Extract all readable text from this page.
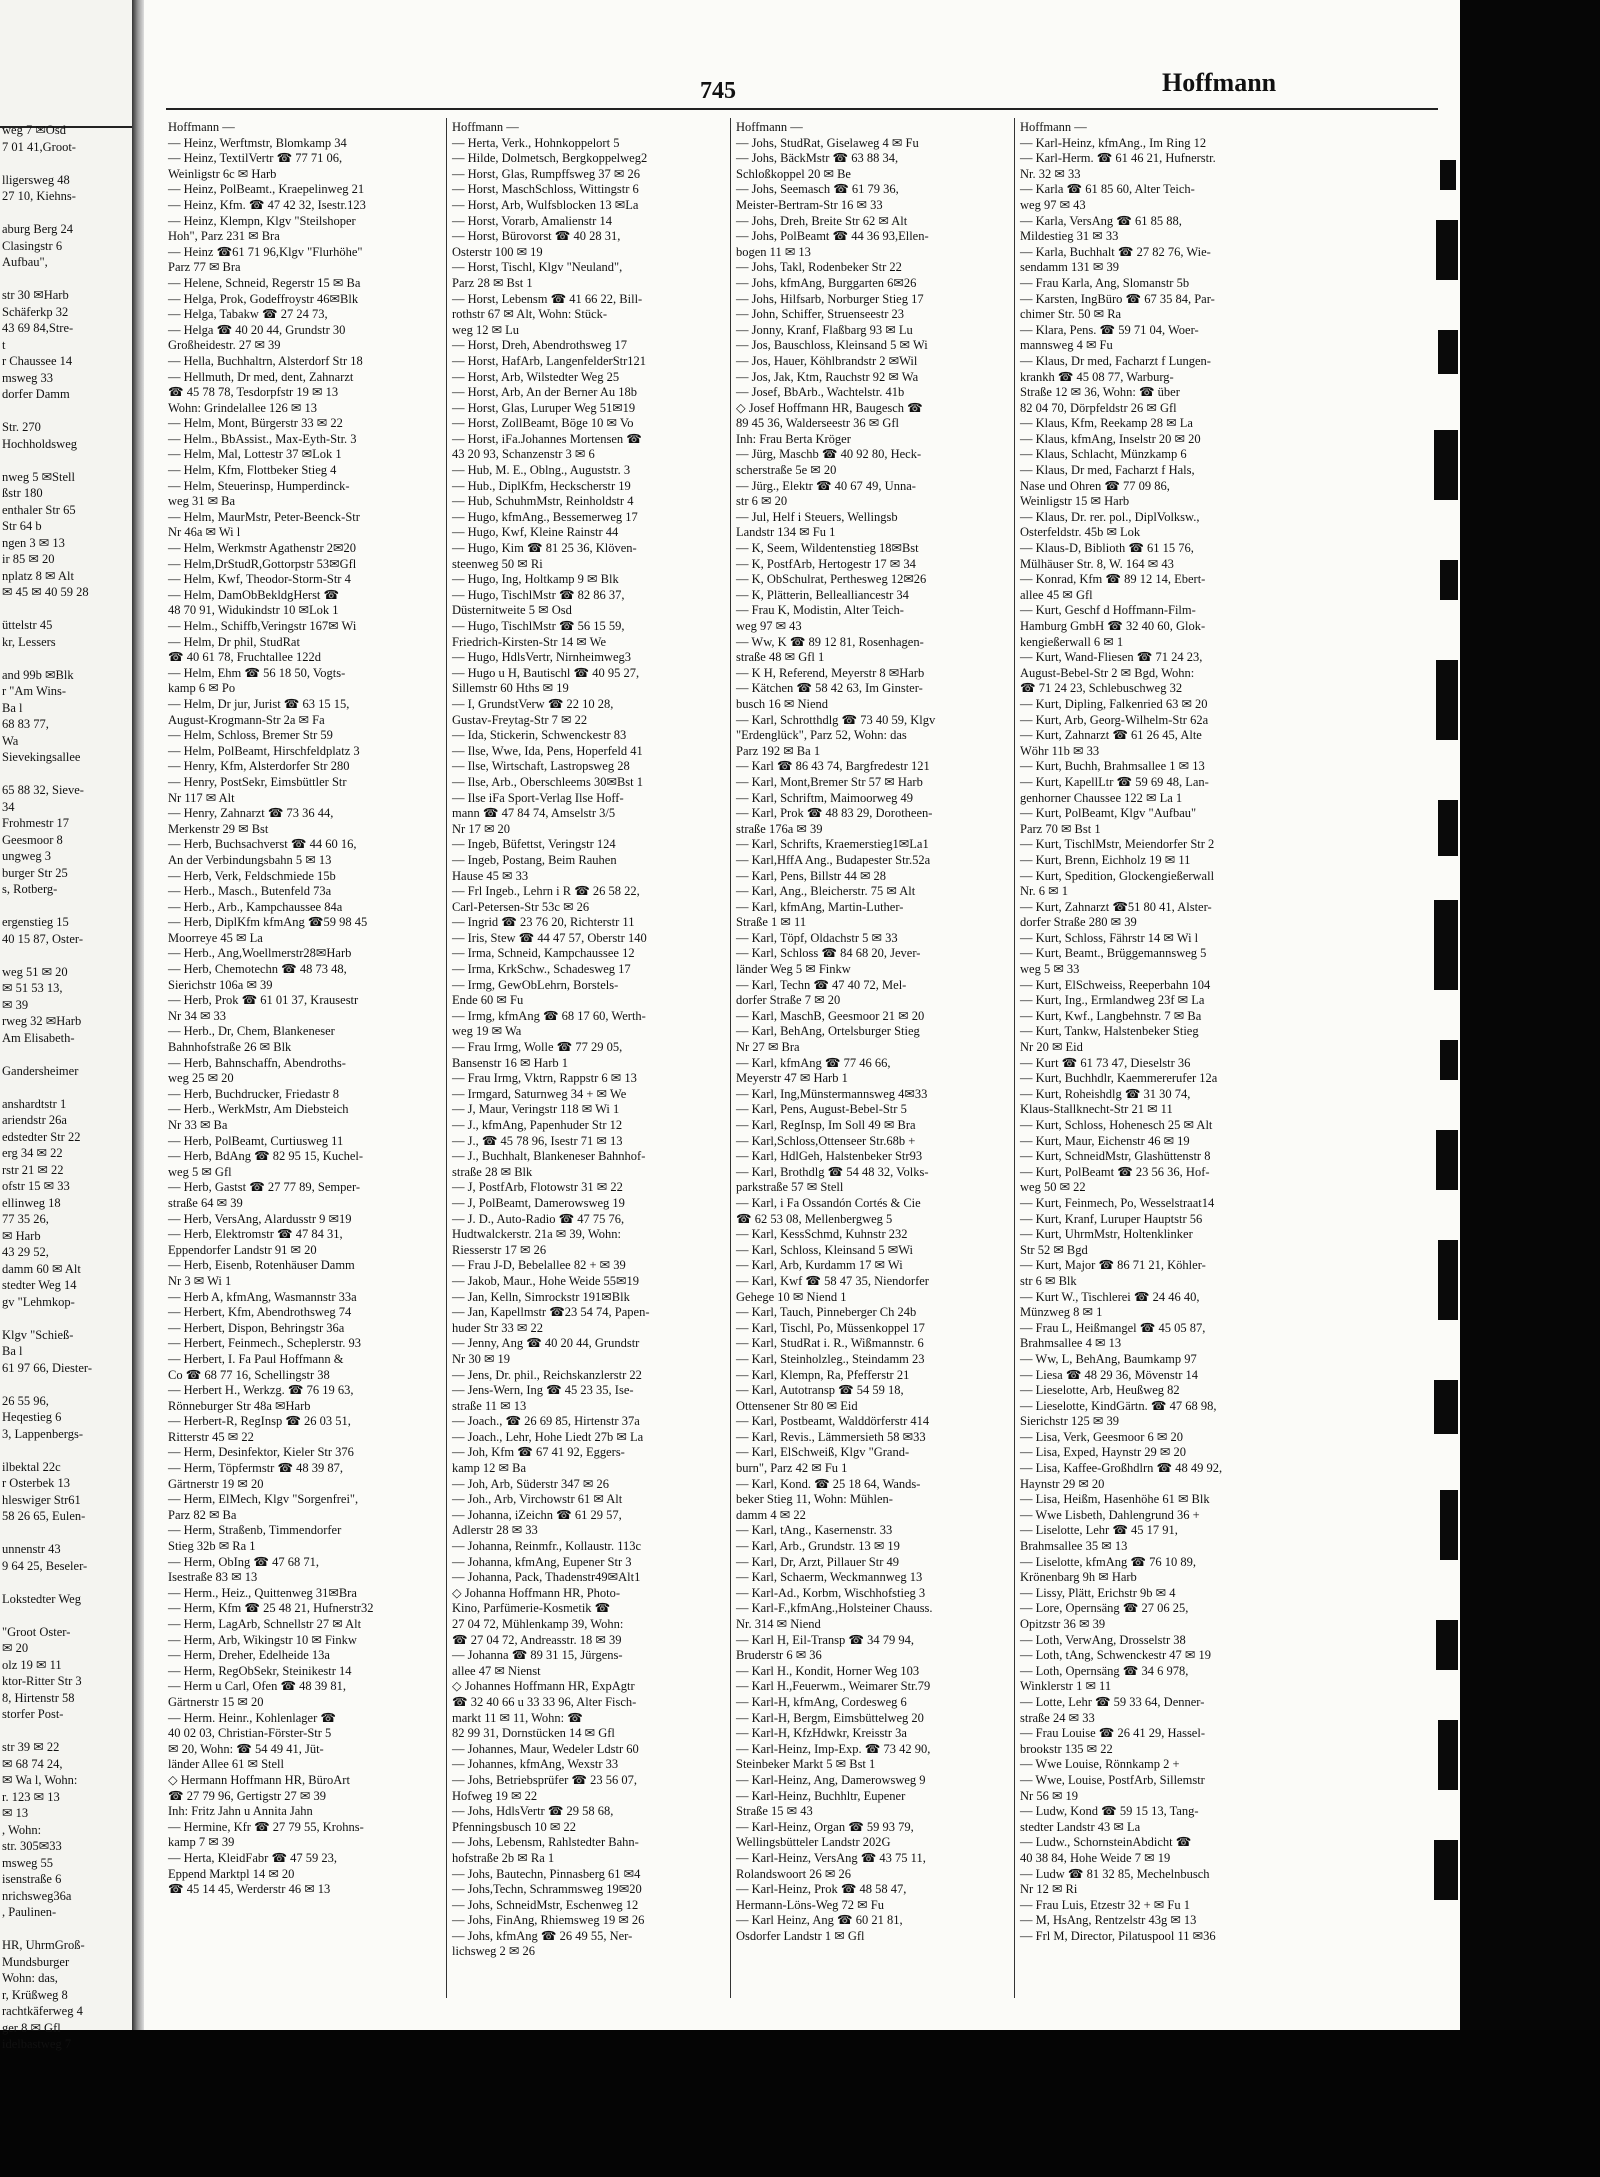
745	Hoffmann
weg 7 ✉Osd
7 01 41,Groot-

lligersweg 48
27 10, Kiehns-

aburg Berg 24
Clasingstr 6
Aufbau",

str 30 ✉Harb
Schäferkp 32
43 69 84,Stre-
t
r Chaussee 14
msweg 33
dorfer Damm

Str. 270
Hochholdsweg

nweg 5 ✉Stell
ßstr 180
enthaler Str 65
Str 64 b
ngen 3 ✉ 13
ir 85 ✉ 20
nplatz 8 ✉ Alt
✉ 45 ✉ 40 59 28

üttelstr 45
kr, Lessers

and 99b ✉Blk
r "Am Wins-
Ba l
68 83 77,
Wa
Sievekingsallee

65 88 32, Sieve-
34
Frohmestr 17
Geesmoor 8
ungweg 3
burger Str 25
s, Rotberg-

ergenstieg 15
40 15 87, Oster-

weg 51 ✉ 20
✉ 51 53 13,
✉ 39
rweg 32 ✉Harb
Am Elisabeth-

Gandersheimer

anshardtstr 1
ariendstr 26a
edstedter Str 22
erg 34 ✉ 22
rstr 21 ✉ 22
ofstr 15 ✉ 33
ellinweg 18
77 35 26,
✉ Harb
43 29 52,
damm 60 ✉ Alt
stedter Weg 14
gv "Lehmkop-

Klgv "Schieß-
Ba l
61 97 66, Diester-

26 55 96,
Heqestieg 6
3, Lappenbergs-

ilbektal 22c
r Osterbek 13
hleswiger Str61
58 26 65, Eulen-

unnenstr 43
9 64 25, Beseler-

Lokstedter Weg

"Groot Oster-
✉ 20
olz 19 ✉ 11
ktor-Ritter Str 3
8, Hirtenstr 58
storfer Post-

str 39 ✉ 22
✉ 68 74 24,
✉ Wa l, Wohn:
r. 123 ✉ 13
✉ 13
, Wohn:
str. 305✉33
msweg 55
isenstraße 6
nrichsweg36a
, Paulinen-

HR, UhrmGroß-
Mundsburger
Wohn: das,
r, Krüßweg 8
rachtkäferweg 4
ger 8 ✉ Gfl
idelbastweg 7
Hoffmann —
— Heinz, Werftmstr, Blomkamp 34
— Heinz, TextilVertr ☎ 77 71 06,
Weinligstr 6c ✉ Harb
— Heinz, PolBeamt., Kraepelinweg 21
— Heinz, Kfm. ☎ 47 42 32, Isestr.123
— Heinz, Klempn, Klgv "Steilshoper
Hoh", Parz 231 ✉ Bra
— Heinz ☎61 71 96,Klgv "Flurhöhe"
Parz 77 ✉ Bra
— Helene, Schneid, Regerstr 15 ✉ Ba
— Helga, Prok, Godeffroystr 46✉Blk
— Helga, Tabakw ☎ 27 24 73,
— Helga ☎ 40 20 44, Grundstr 30
Großheidestr. 27 ✉ 39
— Hella, Buchhaltrn, Alsterdorf Str 18
— Hellmuth, Dr med, dent, Zahnarzt
☎ 45 78 78, Tesdorpfstr 19 ✉ 13
Wohn: Grindelallee 126 ✉ 13
— Helm, Mont, Bürgerstr 33 ✉ 22
— Helm., BbAssist., Max-Eyth-Str. 3
— Helm, Mal, Lottestr 37 ✉Lok 1
— Helm, Kfm, Flottbeker Stieg 4
— Helm, Steuerinsp, Humperdinck-
weg 31 ✉ Ba
— Helm, MaurMstr, Peter-Beenck-Str
Nr 46a ✉ Wi l
— Helm, Werkmstr Agathenstr 2✉20
— Helm,DrStudR,Gottorpstr 53✉Gfl
— Helm, Kwf, Theodor-Storm-Str 4
— Helm, DamObBekldgHerst ☎
48 70 91, Widukindstr 10 ✉Lok 1
— Helm., Schiffb,Veringstr 167✉ Wi
— Helm, Dr phil, StudRat
☎ 40 61 78, Fruchtallee 122d
— Helm, Ehm ☎ 56 18 50, Vogts-
kamp 6 ✉ Po
— Helm, Dr jur, Jurist ☎ 63 15 15,
August-Krogmann-Str 2a ✉ Fa
— Helm, Schloss, Bremer Str 59
— Helm, PolBeamt, Hirschfeldplatz 3
— Henry, Kfm, Alsterdorfer Str 280
— Henry, PostSekr, Eimsbüttler Str
Nr 117 ✉ Alt
— Henry, Zahnarzt ☎ 73 36 44,
Merkenstr 29 ✉ Bst
— Herb, Buchsachverst ☎ 44 60 16,
An der Verbindungsbahn 5 ✉ 13
— Herb, Verk, Feldschmiede 15b
— Herb., Masch., Butenfeld 73a
— Herb., Arb., Kampchaussee 84a
— Herb, DiplKfm kfmAng ☎59 98 45
Moorreye 45 ✉ La
— Herb., Ang,Woellmerstr28✉Harb
— Herb, Chemotechn ☎ 48 73 48,
Sierichstr 106a ✉ 39
— Herb, Prok ☎ 61 01 37, Krausestr
Nr 34 ✉ 33
— Herb., Dr, Chem, Blankeneser
Bahnhofstraße 26 ✉ Blk
— Herb, Bahnschaffn, Abendroths-
weg 25 ✉ 20
— Herb, Buchdrucker, Friedastr 8
— Herb., WerkMstr, Am Diebsteich
Nr 33 ✉ Ba
— Herb, PolBeamt, Curtiusweg 11
— Herb, BdAng ☎ 82 95 15, Kuchel-
weg 5 ✉ Gfl
— Herb, Gastst ☎ 27 77 89, Semper-
straße 64 ✉ 39
— Herb, VersAng, Alardusstr 9 ✉19
— Herb, Elektromstr ☎ 47 84 31,
Eppendorfer Landstr 91 ✉ 20
— Herb, Eisenb, Rotenhäuser Damm
Nr 3 ✉ Wi 1
— Herb A, kfmAng, Wasmannstr 33a
— Herbert, Kfm, Abendrothsweg 74
— Herbert, Dispon, Behringstr 36a
— Herbert, Feinmech., Scheplerstr. 93
— Herbert, I. Fa Paul Hoffmann &
Co ☎ 68 77 16, Schellingstr 38
— Herbert H., Werkzg. ☎ 76 19 63,
Rönneburger Str 48a ✉Harb
— Herbert-R, RegInsp ☎ 26 03 51,
Ritterstr 45 ✉ 22
— Herm, Desinfektor, Kieler Str 376
— Herm, Töpfermstr ☎ 48 39 87,
Gärtnerstr 19 ✉ 20
— Herm, ElMech, Klgv "Sorgenfrei",
Parz 82 ✉ Ba
— Herm, Straßenb, Timmendorfer
Stieg 32b ✉ Ra 1
— Herm, ObIng ☎ 47 68 71,
Isestraße 83 ✉ 13
— Herm., Heiz., Quittenweg 31✉Bra
— Herm, Kfm ☎ 25 48 21, Hufnerstr32
— Herm, LagArb, Schnellstr 27 ✉ Alt
— Herm, Arb, Wikingstr 10 ✉ Finkw
— Herm, Dreher, Edelheide 13a
— Herm, RegObSekr, Steinikestr 14
— Herm u Carl, Ofen ☎ 48 39 81,
Gärtnerstr 15 ✉ 20
— Herm. Heinr., Kohlenlager ☎
40 02 03, Christian-Förster-Str 5
✉ 20, Wohn: ☎ 54 49 41, Jüt-
länder Allee 61 ✉ Stell
◇ Hermann Hoffmann HR, BüroArt
☎ 27 79 96, Gertigstr 27 ✉ 39
Inh: Fritz Jahn u Annita Jahn
— Hermine, Kfr ☎ 27 79 55, Krohns-
kamp 7 ✉ 39
— Herta, KleidFabr ☎ 47 59 23,
Eppend Marktpl 14 ✉ 20
☎ 45 14 45, Werderstr 46 ✉ 13
Hoffmann —
— Herta, Verk., Hohnkoppelort 5
— Hilde, Dolmetsch, Bergkoppelweg2
— Horst, Glas, Rumpffsweg 37 ✉ 26
— Horst, MaschSchloss, Wittingstr 6
— Horst, Arb, Wulfsblocken 13 ✉La
— Horst, Vorarb, Amalienstr 14
— Horst, Bürovorst ☎ 40 28 31,
Osterstr 100 ✉ 19
— Horst, Tischl, Klgv "Neuland",
Parz 28 ✉ Bst 1
— Horst, Lebensm ☎ 41 66 22, Bill-
rothstr 67 ✉ Alt, Wohn: Stück-
weg 12 ✉ Lu
— Horst, Dreh, Abendrothsweg 17
— Horst, HafArb, LangenfelderStr121
— Horst, Arb, Wilstedter Weg 25
— Horst, Arb, An der Berner Au 18b
— Horst, Glas, Luruper Weg 51✉19
— Horst, ZollBeamt, Böge 10 ✉ Vo
— Horst, iFa.Johannes Mortensen ☎
43 20 93, Schanzenstr 3 ✉ 6
— Hub, M. E., Oblng., Auguststr. 3
— Hub., DiplKfm, Heckscherstr 19
— Hub, SchuhmMstr, Reinholdstr 4
— Hugo, kfmAng., Bessemerweg 17
— Hugo, Kwf, Kleine Rainstr 44
— Hugo, Kim ☎ 81 25 36, Klöven-
steenweg 50 ✉ Ri
— Hugo, Ing, Holtkamp 9 ✉ Blk
— Hugo, TischlMstr ☎ 82 86 37,
Düsternitweite 5 ✉ Osd
— Hugo, TischlMstr ☎ 56 15 59,
Friedrich-Kirsten-Str 14 ✉ We
— Hugo, HdlsVertr, Nirnheimweg3
— Hugo u H, Bautischl ☎ 40 95 27,
Sillemstr 60 Hths ✉ 19
— I, GrundstVerw ☎ 22 10 28,
Gustav-Freytag-Str 7 ✉ 22
— Ida, Stickerin, Schwenckestr 83
— Ilse, Wwe, Ida, Pens, Hoperfeld 41
— Ilse, Wirtschaft, Lastropsweg 28
— Ilse, Arb., Oberschleems 30✉Bst 1
— Ilse iFa Sport-Verlag Ilse Hoff-
mann ☎ 47 84 74, Amselstr 3/5
Nr 17 ✉ 20
— Ingeb, Büfettst, Veringstr 124
— Ingeb, Postang, Beim Rauhen
Hause 45 ✉ 33
— Frl Ingeb., Lehrn i R ☎ 26 58 22,
Carl-Petersen-Str 53c ✉ 26
— Ingrid ☎ 23 76 20, Richterstr 11
— Iris, Stew ☎ 44 47 57, Oberstr 140
— Irma, Schneid, Kampchaussee 12
— Irma, KrkSchw., Schadesweg 17
— Irmg, GewObLehrn, Borstels-
Ende 60 ✉ Fu
— Irmg, kfmAng ☎ 68 17 60, Werth-
weg 19 ✉ Wa
— Frau Irmg, Wolle ☎ 77 29 05,
Bansenstr 16 ✉ Harb 1
— Frau Irmg, Vktrn, Rappstr 6 ✉ 13
— Irmgard, Saturnweg 34 + ✉ We
— J, Maur, Veringstr 118 ✉ Wi 1
— J., kfmAng, Papenhuder Str 12
— J., ☎ 45 78 96, Isestr 71 ✉ 13
— J., Buchhalt, Blankeneser Bahnhof-
straße 28 ✉ Blk
— J, PostfArb, Flotowstr 31 ✉ 22
— J, PolBeamt, Damerowsweg 19
— J. D., Auto-Radio ☎ 47 75 76,
Hudtwalckerstr. 21a ✉ 39, Wohn:
Riesserstr 17 ✉ 26
— Frau J-D, Bebelallee 82 + ✉ 39
— Jakob, Maur., Hohe Weide 55✉19
— Jan, Kelln, Simrockstr 191✉Blk
— Jan, Kapellmstr ☎23 54 74, Papen-
huder Str 33 ✉ 22
— Jenny, Ang ☎ 40 20 44, Grundstr
Nr 30 ✉ 19
— Jens, Dr. phil., Reichskanzlerstr 22
— Jens-Wern, Ing ☎ 45 23 35, Ise-
straße 11 ✉ 13
— Joach., ☎ 26 69 85, Hirtenstr 37a
— Joach., Lehr, Hohe Liedt 27b ✉ La
— Joh, Kfm ☎ 67 41 92, Eggers-
kamp 12 ✉ Ba
— Joh, Arb, Süderstr 347 ✉ 26
— Joh., Arb, Virchowstr 61 ✉ Alt
— Johanna, iZeichn ☎ 61 29 57,
Adlerstr 28 ✉ 33
— Johanna, Reinmfr., Kollaustr. 113c
— Johanna, kfmAng, Eupener Str 3
— Johanna, Pack, Thadenstr49✉Alt1
◇ Johanna Hoffmann HR, Photo-
Kino, Parfümerie-Kosmetik ☎
27 04 72, Mühlenkamp 39, Wohn:
☎ 27 04 72, Andreasstr. 18 ✉ 39
— Johanna ☎ 89 31 15, Jürgens-
allee 47 ✉ Nienst
◇ Johannes Hoffmann HR, ExpAgtr
☎ 32 40 66 u 33 33 96, Alter Fisch-
markt 11 ✉ 11, Wohn: ☎
82 99 31, Dornstücken 14 ✉ Gfl
— Johannes, Maur, Wedeler Ldstr 60
— Johannes, kfmAng, Wexstr 33
— Johs, Betriebsprüfer ☎ 23 56 07,
Hofweg 19 ✉ 22
— Johs, HdlsVertr ☎ 29 58 68,
Pfenningsbusch 10 ✉ 22
— Johs, Lebensm, Rahlstedter Bahn-
hofstraße 2b ✉ Ra 1
— Johs, Bautechn, Pinnasberg 61 ✉4
— Johs,Techn, Schrammsweg 19✉20
— Johs, SchneidMstr, Eschenweg 12
— Johs, FinAng, Rhiemsweg 19 ✉ 26
— Johs, kfmAng ☎ 26 49 55, Ner-
lichsweg 2 ✉ 26
Hoffmann —
— Johs, StudRat, Giselaweg 4 ✉ Fu
— Johs, BäckMstr ☎ 63 88 34,
Schloßkoppel 20 ✉ Be
— Johs, Seemasch ☎ 61 79 36,
Meister-Bertram-Str 16 ✉ 33
— Johs, Dreh, Breite Str 62 ✉ Alt
— Johs, PolBeamt ☎ 44 36 93,Ellen-
bogen 11 ✉ 13
— Johs, Takl, Rodenbeker Str 22
— Johs, kfmAng, Burggarten 6✉26
— Johs, Hilfsarb, Norburger Stieg 17
— John, Schiffer, Struenseestr 23
— Jonny, Kranf, Flaßbarg 93 ✉ Lu
— Jos, Bauschloss, Kleinsand 5 ✉ Wi
— Jos, Hauer, Köhlbrandstr 2 ✉Wil
— Jos, Jak, Ktm, Rauchstr 92 ✉ Wa
— Josef, BbArb., Wachtelstr. 41b
◇ Josef Hoffmann HR, Baugesch ☎
89 45 36, Walderseestr 36 ✉ Gfl
Inh: Frau Berta Kröger
— Jürg, Maschb ☎ 40 92 80, Heck-
scherstraße 5e ✉ 20
— Jürg., Elektr ☎ 40 67 49, Unna-
str 6 ✉ 20
— Jul, Helf i Steuers, Wellingsb
Landstr 134 ✉ Fu 1
— K, Seem, Wildentenstieg 18✉Bst
— K, PostfArb, Hertogestr 17 ✉ 34
— K, ObSchulrat, Perthesweg 12✉26
— K, Plätterin, Bellealliancestr 34
— Frau K, Modistin, Alter Teich-
weg 97 ✉ 43
— Ww, K ☎ 89 12 81, Rosenhagen-
straße 48 ✉ Gfl 1
— K H, Referend, Meyerstr 8 ✉Harb
— Kätchen ☎ 58 42 63, Im Ginster-
busch 16 ✉ Niend
— Karl, Schrotthdlg ☎ 73 40 59, Klgv
"Erdenglück", Parz 52, Wohn: das
Parz 192 ✉ Ba 1
— Karl ☎ 86 43 74, Bargfredestr 121
— Karl, Mont,Bremer Str 57 ✉ Harb
— Karl, Schriftm, Maimoorweg 49
— Karl, Prok ☎ 48 83 29, Dorotheen-
straße 176a ✉ 39
— Karl, Schrifts, Kraemerstieg1✉La1
— Karl,HffA Ang., Budapester Str.52a
— Karl, Pens, Billstr 44 ✉ 28
— Karl, Ang., Bleicherstr. 75 ✉ Alt
— Karl, kfmAng, Martin-Luther-
Straße 1 ✉ 11
— Karl, Töpf, Oldachstr 5 ✉ 33
— Karl, Schloss ☎ 84 68 20, Jever-
länder Weg 5 ✉ Finkw
— Karl, Techn ☎ 47 40 72, Mel-
dorfer Straße 7 ✉ 20
— Karl, MaschB, Geesmoor 21 ✉ 20
— Karl, BehAng, Ortelsburger Stieg
Nr 27 ✉ Bra
— Karl, kfmAng ☎ 77 46 66,
Meyerstr 47 ✉ Harb 1
— Karl, Ing,Münstermannsweg 4✉33
— Karl, Pens, August-Bebel-Str 5
— Karl, RegInsp, Im Soll 49 ✉ Bra
— Karl,Schloss,Ottenseer Str.68b +
— Karl, HdlGeh, Halstenbeker Str93
— Karl, Brothdlg ☎ 54 48 32, Volks-
parkstraße 57 ✉ Stell
— Karl, i Fa Ossandón Cortés & Cie
☎ 62 53 08, Mellenbergweg 5
— Karl, KessSchmd, Kuhnstr 232
— Karl, Schloss, Kleinsand 5 ✉Wi
— Karl, Arb, Kurdamm 17 ✉ Wi
— Karl, Kwf ☎ 58 47 35, Niendorfer
Gehege 10 ✉ Niend 1
— Karl, Tauch, Pinneberger Ch 24b
— Karl, Tischl, Po, Müssenkoppel 17
— Karl, StudRat i. R., Wißmannstr. 6
— Karl, Steinholzleg., Steindamm 23
— Karl, Klempn, Ra, Pfefferstr 21
— Karl, Autotransp ☎ 54 59 18,
Ottensener Str 80 ✉ Eid
— Karl, Postbeamt, Walddörferstr 414
— Karl, Revis., Lämmersieth 58 ✉33
— Karl, ElSchweiß, Klgv "Grand-
burn", Parz 42 ✉ Fu 1
— Karl, Kond. ☎ 25 18 64, Wands-
beker Stieg 11, Wohn: Mühlen-
damm 4 ✉ 22
— Karl, tAng., Kasernenstr. 33
— Karl, Arb., Grundstr. 13 ✉ 19
— Karl, Dr, Arzt, Pillauer Str 49
— Karl, Schaerm, Weckmannweg 13
— Karl-Ad., Korbm, Wischhofstieg 3
— Karl-F.,kfmAng.,Holsteiner Chauss.
Nr. 314 ✉ Niend
— Karl H, Eil-Transp ☎ 34 79 94,
Bruderstr 6 ✉ 36
— Karl H., Kondit, Horner Weg 103
— Karl H.,Feuerwm., Weimarer Str.79
— Karl-H, kfmAng, Cordesweg 6
— Karl-H, Bergm, Eimsbüttelweg 20
— Karl-H, KfzHdwkr, Kreisstr 3a
— Karl-Heinz, Imp-Exp. ☎ 73 42 90,
Steinbeker Markt 5 ✉ Bst 1
— Karl-Heinz, Ang, Damerowsweg 9
— Karl-Heinz, Buchhltr, Eupener
Straße 15 ✉ 43
— Karl-Heinz, Organ ☎ 59 93 79,
Wellingsbütteler Landstr 202G
— Karl-Heinz, VersAng ☎ 43 75 11,
Rolandswoort 26 ✉ 26
— Karl-Heinz, Prok ☎ 48 58 47,
Hermann-Löns-Weg 72 ✉ Fu
— Karl Heinz, Ang ☎ 60 21 81,
Osdorfer Landstr 1 ✉ Gfl
Hoffmann —
— Karl-Heinz, kfmAng., Im Ring 12
— Karl-Herm. ☎ 61 46 21, Hufnerstr.
Nr. 32 ✉ 33
— Karla ☎ 61 85 60, Alter Teich-
weg 97 ✉ 43
— Karla, VersAng ☎ 61 85 88,
Mildestieg 31 ✉ 33
— Karla, Buchhalt ☎ 27 82 76, Wie-
sendamm 131 ✉ 39
— Frau Karla, Ang, Slomanstr 5b
— Karsten, IngBüro ☎ 67 35 84, Par-
chimer Str. 50 ✉ Ra
— Klara, Pens. ☎ 59 71 04, Woer-
mannsweg 4 ✉ Fu
— Klaus, Dr med, Facharzt f Lungen-
krankh ☎ 45 08 77, Warburg-
Straße 12 ✉ 36, Wohn: ☎ über
82 04 70, Dörpfeldstr 26 ✉ Gfl
— Klaus, Kfm, Reekamp 28 ✉ La
— Klaus, kfmAng, Inselstr 20 ✉ 20
— Klaus, Schlacht, Münzkamp 6
— Klaus, Dr med, Facharzt f Hals,
Nase und Ohren ☎ 77 09 86,
Weinligstr 15 ✉ Harb
— Klaus, Dr. rer. pol., DiplVolksw.,
Osterfeldstr. 45b ✉ Lok
— Klaus-D, Biblioth ☎ 61 15 76,
Mülhäuser Str. 8, W. 164 ✉ 43
— Konrad, Kfm ☎ 89 12 14, Ebert-
allee 45 ✉ Gfl
— Kurt, Geschf d Hoffmann-Film-
Hamburg GmbH ☎ 32 40 60, Glok-
kengießerwall 6 ✉ 1
— Kurt, Wand-Fliesen ☎ 71 24 23,
August-Bebel-Str 2 ✉ Bgd, Wohn:
☎ 71 24 23, Schlebuschweg 32
— Kurt, Dipling, Falkenried 63 ✉ 20
— Kurt, Arb, Georg-Wilhelm-Str 62a
— Kurt, Zahnarzt ☎ 61 26 45, Alte
Wöhr 11b ✉ 33
— Kurt, Buchh, Brahmsallee 1 ✉ 13
— Kurt, KapellLtr ☎ 59 69 48, Lan-
genhorner Chaussee 122 ✉ La 1
— Kurt, PolBeamt, Klgv "Aufbau"
Parz 70 ✉ Bst 1
— Kurt, TischlMstr, Meiendorfer Str 2
— Kurt, Brenn, Eichholz 19 ✉ 11
— Kurt, Spedition, Glockengießerwall
Nr. 6 ✉ 1
— Kurt, Zahnarzt ☎51 80 41, Alster-
dorfer Straße 280 ✉ 39
— Kurt, Schloss, Fährstr 14 ✉ Wi l
— Kurt, Beamt., Brüggemannsweg 5
weg 5 ✉ 33
— Kurt, ElSchweiss, Reeperbahn 104
— Kurt, Ing., Ermlandweg 23f ✉ La
— Kurt, Kwf., Langbehnstr. 7 ✉ Ba
— Kurt, Tankw, Halstenbeker Stieg
Nr 20 ✉ Eid
— Kurt ☎ 61 73 47, Dieselstr 36
— Kurt, Buchhdlr, Kaemmererufer 12a
— Kurt, Roheishdlg ☎ 31 30 74,
Klaus-Stallknecht-Str 21 ✉ 11
— Kurt, Schloss, Hohenesch 25 ✉ Alt
— Kurt, Maur, Eichenstr 46 ✉ 19
— Kurt, SchneidMstr, Glashüttenstr 8
— Kurt, PolBeamt ☎ 23 56 36, Hof-
weg 50 ✉ 22
— Kurt, Feinmech, Po, Wesselstraat14
— Kurt, Kranf, Luruper Hauptstr 56
— Kurt, UhrmMstr, Holtenklinker
Str 52 ✉ Bgd
— Kurt, Major ☎ 86 71 21, Köhler-
str 6 ✉ Blk
— Kurt W., Tischlerei ☎ 24 46 40,
Münzweg 8 ✉ 1
— Frau L, Heißmangel ☎ 45 05 87,
Brahmsallee 4 ✉ 13
— Ww, L, BehAng, Baumkamp 97
— Liesa ☎ 48 29 36, Mövenstr 14
— Lieselotte, Arb, Heußweg 82
— Lieselotte, KindGärtn. ☎ 47 68 98,
Sierichstr 125 ✉ 39
— Lisa, Verk, Geesmoor 6 ✉ 20
— Lisa, Exped, Haynstr 29 ✉ 20
— Lisa, Kaffee-Großhdlrn ☎ 48 49 92,
Haynstr 29 ✉ 20
— Lisa, Heißm, Hasenhöhe 61 ✉ Blk
— Wwe Lisbeth, Dahlengrund 36 +
— Liselotte, Lehr ☎ 45 17 91,
Brahmsallee 35 ✉ 13
— Liselotte, kfmAng ☎ 76 10 89,
Krönenbarg 9h ✉ Harb
— Lissy, Plätt, Erichstr 9b ✉ 4
— Lore, Opernsäng ☎ 27 06 25,
Opitzstr 36 ✉ 39
— Loth, VerwAng, Drosselstr 38
— Loth, tAng, Schwenckestr 47 ✉ 19
— Loth, Opernsäng ☎ 34 6 978,
Winklerstr 1 ✉ 11
— Lotte, Lehr ☎ 59 33 64, Denner-
straße 24 ✉ 33
— Frau Louise ☎ 26 41 29, Hassel-
brookstr 135 ✉ 22
— Wwe Louise, Rönnkamp 2 +
— Wwe, Louise, PostfArb, Sillemstr
Nr 56 ✉ 19
— Ludw, Kond ☎ 59 15 13, Tang-
stedter Landstr 43 ✉ La
— Ludw., SchornsteinAbdicht ☎
40 38 84, Hohe Weide 7 ✉ 19
— Ludw ☎ 81 32 85, Mechelnbusch
Nr 12 ✉ Ri
— Frau Luis, Etzestr 32 + ✉ Fu 1
— M, HsAng, Rentzelstr 43g ✉ 13
— Frl M, Director, Pilatuspool 11 ✉36
